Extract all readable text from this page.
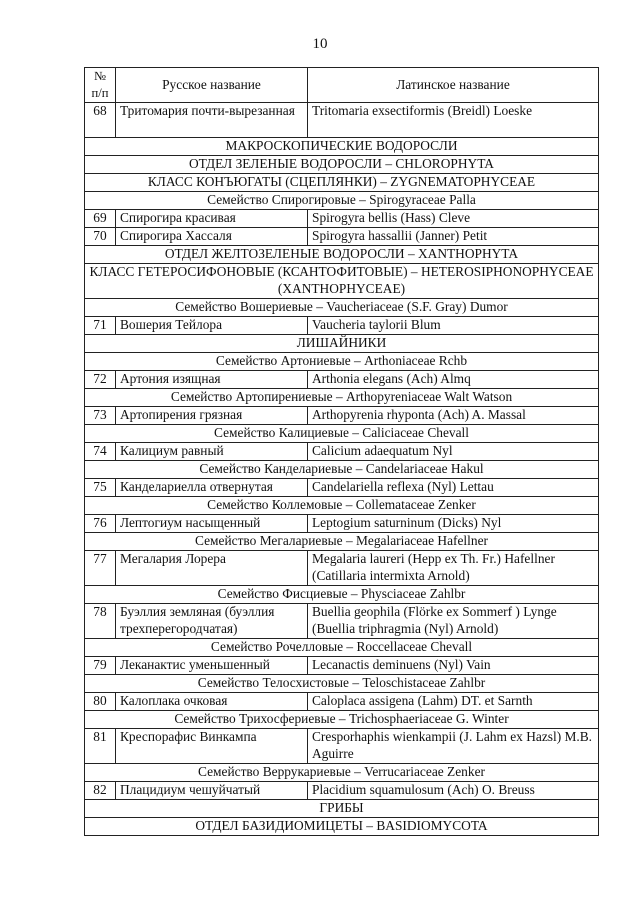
10
№ п/п	Русское название	Латинское название
68	Тритомария почти-вырезанная	Tritomaria exsectiformis (Breidl) Loeske
МАКРОСКОПИЧЕСКИЕ ВОДОРОСЛИ		
ОТДЕЛ ЗЕЛЕНЫЕ ВОДОРОСЛИ – CHLOROPHYTA		
КЛАСС КОНЪЮГАТЫ (СЦЕПЛЯНКИ) – ZYGNEMATOPHYCEAE		
Семейство Спирогировые – Spirogyraceae Palla		
69	Спирогира красивая	Spirogyra bellis (Hass) Cleve
70	Спирогира Хассаля	Spirogyra hassallii (Janner) Petit
ОТДЕЛ ЖЕЛТОЗЕЛЕНЫЕ ВОДОРОСЛИ – XANTHOPHYTA		
КЛАСС ГЕТЕРОСИФОНОВЫЕ (КСАНТОФИТОВЫЕ) – HETEROSIPHONOPHYCEAE (XANTHOPHYCEAE)		
Семейство Вошериевые – Vaucheriaceae (S.F. Gray) Dumor		
71	Вошерия Тейлора	Vaucheria taylorii Blum
ЛИШАЙНИКИ		
Семейство Артониевые – Arthoniaceae Rchb		
72	Артония изящная	Arthonia elegans (Ach) Almq
Семейство Артопирениевые – Arthopyreniaceae Walt Watson		
73	Артопирения грязная	Arthopyrenia rhyponta (Ach) A. Massal
Семейство Калициевые – Caliciaceae Chevall		
74	Калициум равный	Calicium adaequatum Nyl
Семейство Канделариевые – Candelariaceae Hakul		
75	Канделариелла отвернутая	Candelariella reflexa (Nyl) Lettau
Семейство Коллемовые – Collemataceae Zenker		
76	Лептогиум насыщенный	Leptogium saturninum (Dicks) Nyl
Семейство Мегалариевые – Megalariaceae Hafellner		
77	Мегалария Лорера	Megalaria laureri (Hepp ex Th. Fr.) Hafellner (Catillaria intermixta Arnold)
Семейство Фисциевые – Physciaceae Zahlbr		
78	Буэллия земляная (буэллия трехперегородчатая)	Buellia geophila (Flörke ex Sommerf ) Lynge (Buellia triphragmia (Nyl) Arnold)
Семейство Рочелловые – Roccellaceae Chevall		
79	Леканактис уменьшенный	Lecanactis deminuens (Nyl) Vain
Семейство Телосхистовые – Teloschistaceae Zahlbr		
80	Калоплака очковая	Caloplaca assigena (Lahm) DT. et Sarnth
Семейство Трихосфериевые – Trichosphaeriaceae G. Winter		
81	Креспорафис Винкампа	Cresporhaphis wienkampii (J. Lahm ex Hazsl) M.B. Aguirre
Семейство Веррукариевые – Verrucariaceae Zenker		
82	Плацидиум чешуйчатый	Placidium squamulosum (Ach) O. Breuss
ГРИБЫ		
ОТДЕЛ БАЗИДИОМИЦЕТЫ – BASIDIOMYCOTA		
